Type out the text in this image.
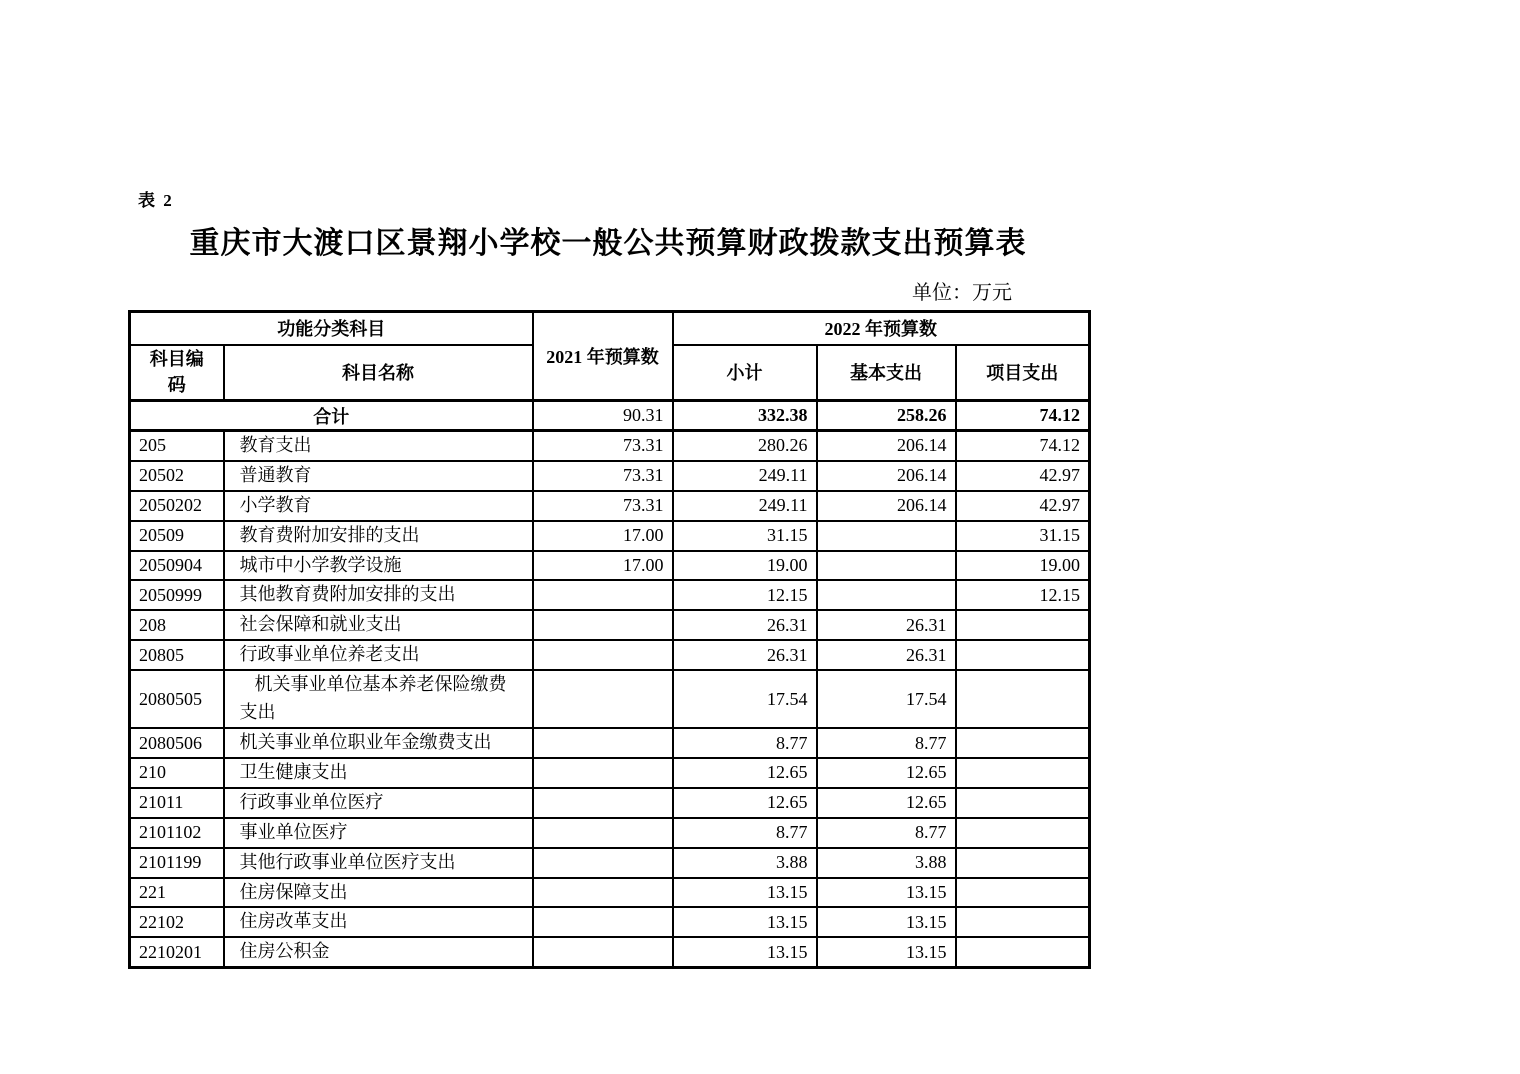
表 2
重庆市大渡口区景翔小学校一般公共预算财政拨款支出预算表
单位：万元
功能分类科目		2021 年预算数	2022 年预算数		

科目编码	科目名称		小计	基本支出	项目支出
合计		90.31	332.38	258.26	74.12
205	教育支出	73.31	280.26	206.14	74.12
20502	普通教育	73.31	249.11	206.14	42.97
2050202	小学教育	73.31	249.11	206.14	42.97
20509	教育费附加安排的支出	17.00	31.15		31.15
2050904	城市中小学教学设施	17.00	19.00		19.00
2050999	其他教育费附加安排的支出		12.15		12.15
208	社会保障和就业支出		26.31	26.31	
20805	行政事业单位养老支出		26.31	26.31	
2080505	机关事业单位基本养老保险缴费支出		17.54	17.54	
2080506	机关事业单位职业年金缴费支出		8.77	8.77	
210	卫生健康支出		12.65	12.65	
21011	行政事业单位医疗		12.65	12.65	
2101102	事业单位医疗		8.77	8.77	
2101199	其他行政事业单位医疗支出		3.88	3.88	
221	住房保障支出		13.15	13.15	
22102	住房改革支出		13.15	13.15	
2210201	住房公积金		13.15	13.15	
